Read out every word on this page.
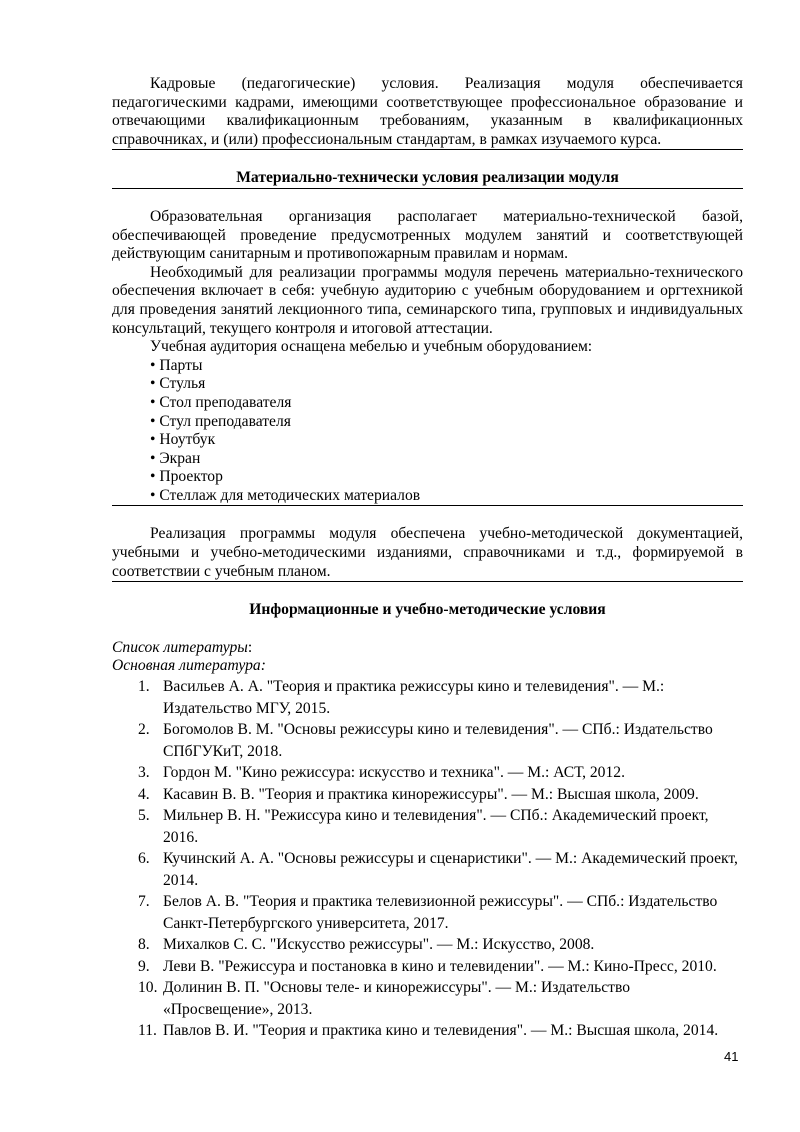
Кадровые (педагогические) условия. Реализация модуля обеспечивается педагогическими кадрами, имеющими соответствующее профессиональное образование и отвечающими квалификационным требованиям, указанным в квалификационных справочниках, и (или) профессиональным стандартам, в рамках изучаемого курса.

Материально-технически условия реализации модуля

Образовательная организация располагает материально-технической базой, обеспечивающей проведение предусмотренных модулем занятий и соответствующей действующим санитарным и противопожарным правилам и нормам.

Необходимый для реализации программы модуля перечень материально-технического обеспечения включает в себя: учебную аудиторию с учебным оборудованием и оргтехникой для проведения занятий лекционного типа, семинарского типа, групповых и индивидуальных консультаций, текущего контроля и итоговой аттестации.

Учебная аудитория оснащена мебелью и учебным оборудованием:

• Парты
• Стулья
• Стол преподавателя
• Стул преподавателя
• Ноутбук
• Экран
• Проектор
• Стеллаж для методических материалов

Реализация программы модуля обеспечена учебно-методической документацией, учебными и учебно-методическими изданиями, справочниками и т.д., формируемой в соответствии с учебным планом.

Информационные и учебно-методические условия

Список литературы:

Основная литература:

1. Васильев А. А. "Теория и практика режиссуры кино и телевидения". — М.: Издательство МГУ, 2015.
2. Богомолов В. М. "Основы режиссуры кино и телевидения". — СПб.: Издательство СПбГУКиТ, 2018.
3. Гордон М. "Кино режиссура: искусство и техника". — М.: АСТ, 2012.
4. Касавин В. В. "Теория и практика кинорежиссуры". — М.: Высшая школа, 2009.
5. Мильнер В. Н. "Режиссура кино и телевидения". — СПб.: Академический проект, 2016.
6. Кучинский А. А. "Основы режиссуры и сценаристики". — М.: Академический проект, 2014.
7. Белов А. В. "Теория и практика телевизионной режиссуры". — СПб.: Издательство Санкт-Петербургского университета, 2017.
8. Михалков С. С. "Искусство режиссуры". — М.: Искусство, 2008.
9. Леви В. "Режиссура и постановка в кино и телевидении". — М.: Кино-Пресс, 2010.
10. Долинин В. П. "Основы теле- и кинорежиссуры". — М.: Издательство «Просвещение», 2013.
11. Павлов В. И. "Теория и практика кино и телевидения". — М.: Высшая школа, 2014.
41
